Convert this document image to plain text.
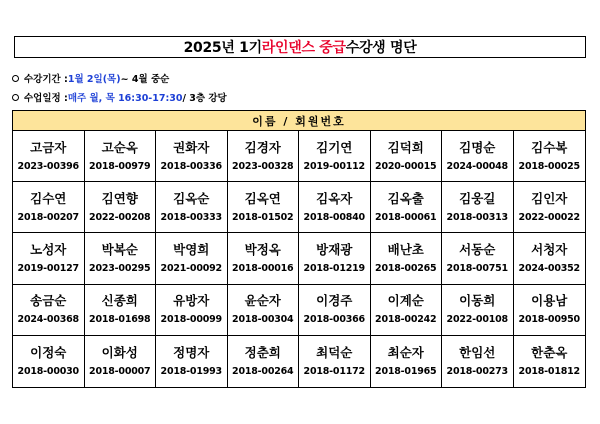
2025년 1기 라인댄스 중급 수강생 명단
수강기간 : 1월 2일(목) ~ 4월 중순
수업일정 : 매주 월, 목 16:30-17:30 / 3층 강당
이름 / 회원번호
고금자
2023-00396
고순옥
2018-00979
권화자
2018-00336
김경자
2023-00328
김기연
2019-00112
김덕희
2020-00015
김명순
2024-00048
김수복
2018-00025
김수연
2018-00207
김연향
2022-00208
김옥순
2018-00333
김옥연
2018-01502
김옥자
2018-00840
김옥출
2018-00061
김웅길
2018-00313
김인자
2022-00022
노성자
2019-00127
박복순
2023-00295
박영희
2021-00092
박정옥
2018-00016
방재광
2018-01219
배난초
2018-00265
서동순
2018-00751
서청자
2024-00352
송금순
2024-00368
신종희
2018-01698
유방자
2018-00099
윤순자
2018-00304
이경주
2018-00366
이계순
2018-00242
이동희
2022-00108
이용남
2018-00950
이정숙
2018-00030
이화성
2018-00007
정명자
2018-01993
정춘희
2018-00264
최덕순
2018-01172
최순자
2018-01965
한임선
2018-00273
한춘옥
2018-01812
